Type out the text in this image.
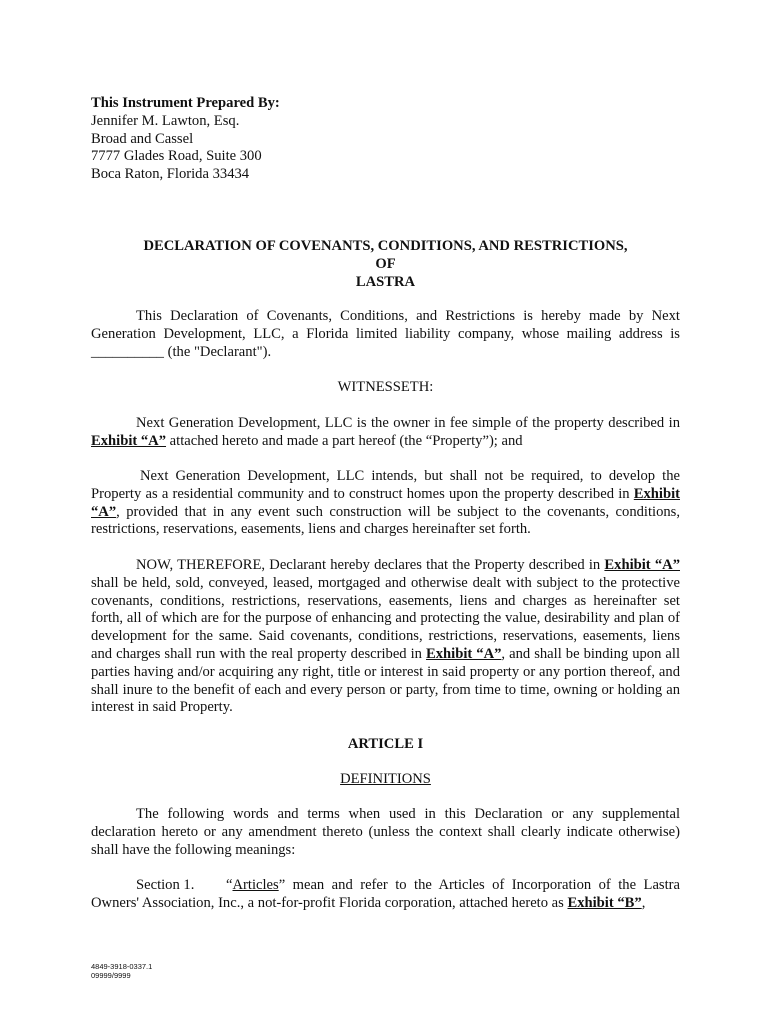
This Instrument Prepared By:
Jennifer M. Lawton, Esq.
Broad and Cassel
7777 Glades Road, Suite 300
Boca Raton, Florida 33434
DECLARATION OF COVENANTS, CONDITIONS, AND RESTRICTIONS,
OF
LASTRA

This Declaration of Covenants, Conditions, and Restrictions is hereby made by Next Generation Development, LLC, a Florida limited liability company, whose mailing address is __________ (the "Declarant").

WITNESSETH:

Next Generation Development, LLC is the owner in fee simple of the property described in Exhibit “A” attached hereto and made a part hereof (the “Property”); and

Next Generation Development, LLC intends, but shall not be required, to develop the Property as a residential community and to construct homes upon the property described in Exhibit “A”, provided that in any event such construction will be subject to the covenants, conditions, restrictions, reservations, easements, liens and charges hereinafter set forth.

NOW, THEREFORE, Declarant hereby declares that the Property described in Exhibit “A” shall be held, sold, conveyed, leased, mortgaged and otherwise dealt with subject to the protective covenants, conditions, restrictions, reservations, easements, liens and charges as hereinafter set forth, all of which are for the purpose of enhancing and protecting the value, desirability and plan of development for the same. Said covenants, conditions, restrictions, reservations, easements, liens and charges shall run with the real property described in Exhibit “A”, and shall be binding upon all parties having and/or acquiring any right, title or interest in said property or any portion thereof, and shall inure to the benefit of each and every person or party, from time to time, owning or holding an interest in said Property.

ARTICLE I
DEFINITIONS

The following words and terms when used in this Declaration or any supplemental declaration hereto or any amendment thereto (unless the context shall clearly indicate otherwise) shall have the following meanings:

Section 1. “Articles” mean and refer to the Articles of Incorporation of the Lastra Owners' Association, Inc., a not-for-profit Florida corporation, attached hereto as Exhibit “B”,

4849-3918-0337.1
09999/9999
